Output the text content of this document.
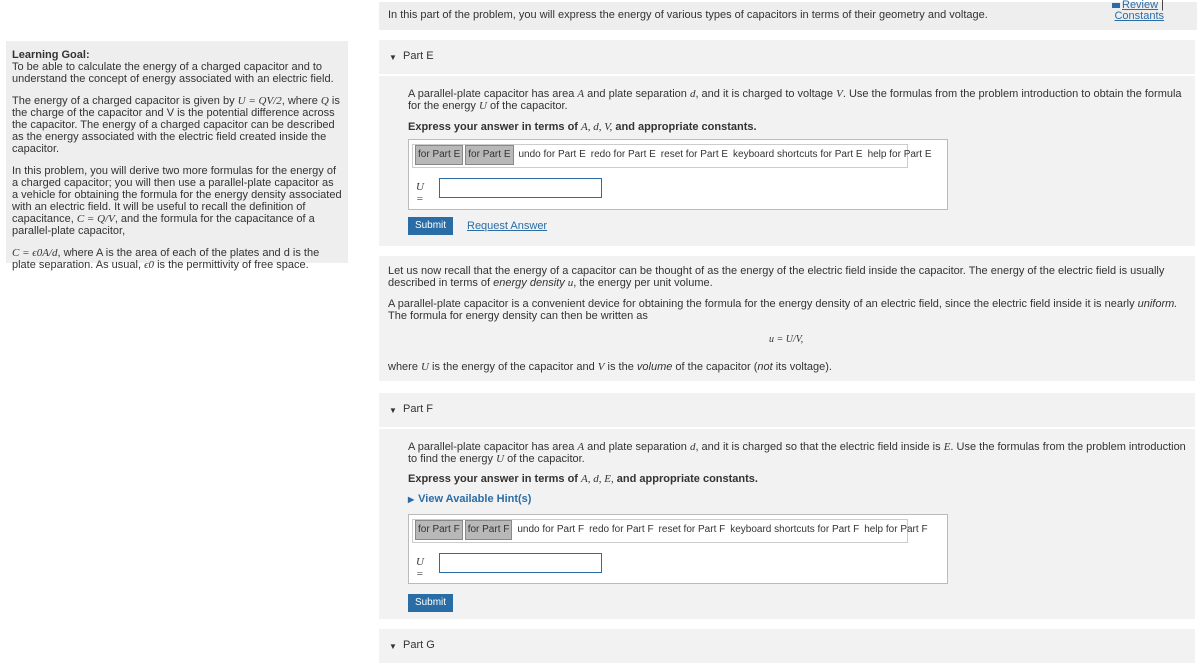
Learning Goal:
To be able to calculate the energy of a charged capacitor and to understand the concept of energy associated with an electric field.

The energy of a charged capacitor is given by U = QV/2, where Q is the charge of the capacitor and V is the potential difference across the capacitor. The energy of a charged capacitor can be described as the energy associated with the electric field created inside the capacitor.

In this problem, you will derive two more formulas for the energy of a charged capacitor; you will then use a parallel-plate capacitor as a vehicle for obtaining the formula for the energy density associated with an electric field. It will be useful to recall the definition of capacitance, C = Q/V, and the formula for the capacitance of a parallel-plate capacitor,

C = ϵ0A/d, where A is the area of each of the plates and d is the plate separation. As usual, ϵ0 is the permittivity of free space.

In this part of the problem, you will express the energy of various types of capacitors in terms of their geometry and voltage.
Review |
Constants
▼ Part E
A parallel-plate capacitor has area A and plate separation d, and it is charged to voltage V. Use the formulas from the problem introduction to obtain the formula for the energy U of the capacitor.
Express your answer in terms of A, d, V, and appropriate constants.
for Part E for Part E undo for Part E redo for Part E reset for Part E keyboard shortcuts for Part E help for Part E
U =
Submit	Request Answer
Let us now recall that the energy of a capacitor can be thought of as the energy of the electric field inside the capacitor. The energy of the electric field is usually described in terms of energy density u, the energy per unit volume.
A parallel-plate capacitor is a convenient device for obtaining the formula for the energy density of an electric field, since the electric field inside it is nearly uniform. The formula for energy density can then be written as
u = U/V,
where U is the energy of the capacitor and V is the volume of the capacitor (not its voltage).
▼ Part F
A parallel-plate capacitor has area A and plate separation d, and it is charged so that the electric field inside is E. Use the formulas from the problem introduction to find the energy U of the capacitor.
Express your answer in terms of A, d, E, and appropriate constants.
▶ View Available Hint(s)
for Part F for Part F undo for Part F redo for Part F reset for Part F keyboard shortcuts for Part F help for Part F
U =
Submit
▼ Part G
